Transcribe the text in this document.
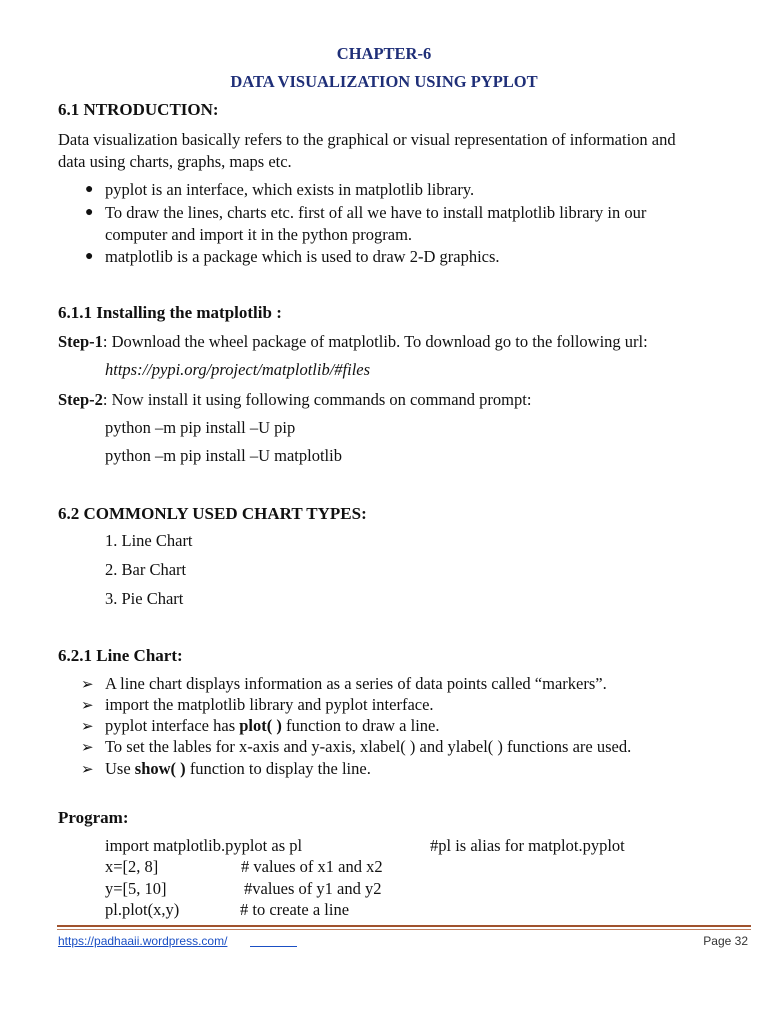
CHAPTER-6
DATA VISUALIZATION USING PYPLOT
6.1 NTRODUCTION:
Data visualization basically refers to the graphical or visual representation of information and
data using charts, graphs, maps etc.
● pyplot is an interface, which exists in matplotlib library.
● To draw the lines, charts etc. first of all we have to install matplotlib library in our
computer and import it in the python program.
● matplotlib is a package which is used to draw 2-D graphics.
6.1.1 Installing the matplotlib :
Step-1: Download the wheel package of matplotlib. To download go to the following url:
https://pypi.org/project/matplotlib/#files
Step-2: Now install it using following commands on command prompt:
python –m pip install –U pip
python –m pip install –U matplotlib
6.2 COMMONLY USED CHART TYPES:
1. Line Chart
2. Bar Chart
3. Pie Chart
6.2.1 Line Chart:
➢ A line chart displays information as a series of data points called “markers”.
➢ import the matplotlib library and pyplot interface.
➢ pyplot interface has plot( ) function to draw a line.
➢ To set the lables for x-axis and y-axis, xlabel( ) and ylabel( ) functions are used.
➢ Use show( ) function to display the line.
Program:
import matplotlib.pyplot as pl	#pl is alias for matplot.pyplot
x=[2, 8]	# values of x1 and x2
y=[5, 10]	#values of y1 and y2
pl.plot(x,y)	# to create a line
https://padhaaii.wordpress.com/	Page 32
